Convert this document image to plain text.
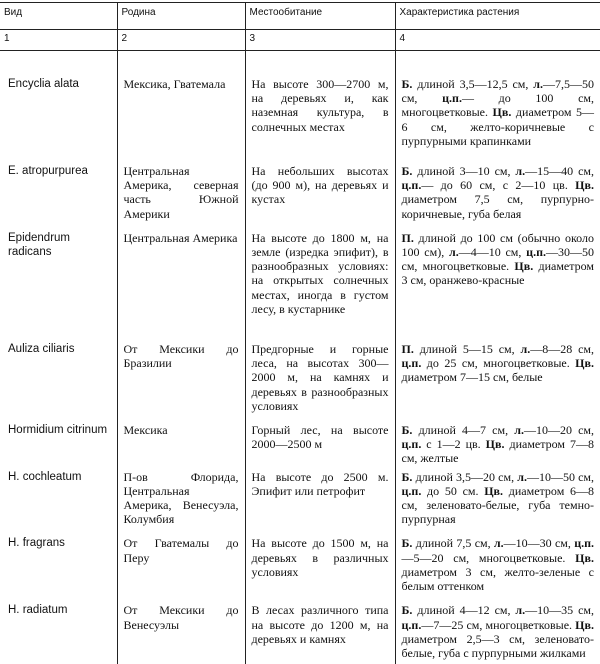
Вид	Родина	Местообитание	Характеристика растения
1	2	3	4

Encyclia alata	Мексика, Гватемала	На высоте 300—2700 м, на деревьях и, как наземная культура, в солнечных местах	Б. длиной 3,5—12,5 см, л.—7,5—50 см, ц.п.— до 100 см, многоцветковые. Цв. диаметром 5—6 см, желто-коричневые с пурпурными крапинками
E. atropurpurea	Центральная Америка, северная часть Южной Америки	На небольших высотах (до 900 м), на деревьях и кустах	Б. длиной 3—10 см, л.—15—40 см, ц.п.— до 60 см, с 2—10 цв. Цв. диаметром 7,5 см, пурпурно-коричневые, губа белая
Epidendrum radicans	Центральная Америка	На высоте до 1800 м, на земле (изредка эпифит), в разнообразных условиях: на открытых солнечных местах, иногда в густом лесу, в кустарнике	П. длиной до 100 см (обычно около 100 см), л.—4—10 см, ц.п.—30—50 см, многоцветковые. Цв. диаметром 3 см, оранжево-красные
Auliza ciliaris	От Мексики до Бразилии	Предгорные и горные леса, на высотах 300—2000 м, на камнях и деревьях в разнообразных условиях	П. длиной 5—15 см, л.—8—28 см, ц.п. до 25 см, многоцветковые. Цв. диаметром 7—15 см, белые
Hormidium citrinum	Мексика	Горный лес, на высоте 2000—2500 м	Б. длиной 4—7 см, л.—10—20 см, ц.п. с 1—2 цв. Цв. диаметром 7—8 см, желтые
H. cochleatum	П-ов Флорида, Центральная Америка, Венесуэла, Колумбия	На высоте до 2500 м. Эпифит или петрофит	Б. длиной 3,5—20 см, л.—10—50 см, ц.п. до 50 см. Цв. диаметром 6—8 см, зеленовато-белые, губа темно-пурпурная
H. fragrans	От Гватемалы до Перу	На высоте до 1500 м, на деревьях в различных условиях	Б. длиной 7,5 см, л.—10—30 см, ц.п.—5—20 см, многоцветковые. Цв. диаметром 3 см, желто-зеленые с белым оттенком
H. radiatum	От Мексики до Венесуэлы	В лесах различного типа на высоте до 1200 м, на деревьях и камнях	Б. длиной 4—12 см, л.—10—35 см, ц.п.—7—25 см, многоцветковые. Цв. диаметром 2,5—3 см, зеленовато-белые, губа с пурпурными жилками
